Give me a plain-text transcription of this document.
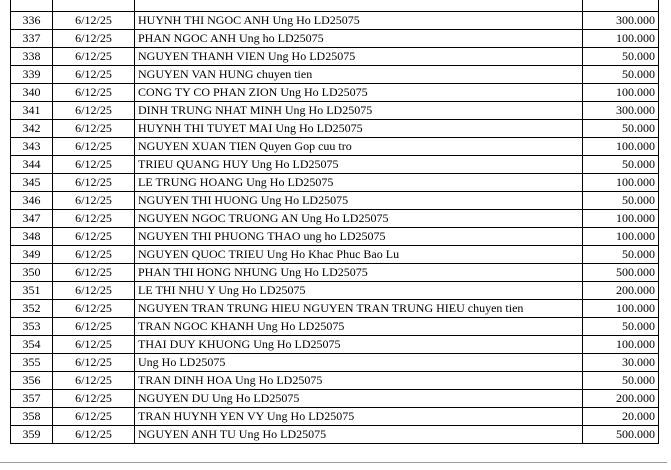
336	6/12/25	HUYNH THI NGOC ANH Ung Ho LD25075	300.000
337	6/12/25	PHAN NGOC ANH Ung ho LD25075	100.000
338	6/12/25	NGUYEN THANH VIEN Ung Ho LD25075	50.000
339	6/12/25	NGUYEN VAN HUNG chuyen tien	50.000
340	6/12/25	CONG TY CO PHAN ZION Ung Ho LD25075	100.000
341	6/12/25	DINH TRUNG NHAT MINH Ung Ho LD25075	300.000
342	6/12/25	HUYNH THI TUYET MAI Ung Ho LD25075	50.000
343	6/12/25	NGUYEN XUAN TIEN Quyen Gop cuu tro	100.000
344	6/12/25	TRIEU QUANG HUY Ung Ho LD25075	50.000
345	6/12/25	LE TRUNG HOANG Ung Ho LD25075	100.000
346	6/12/25	NGUYEN THI HUONG Ung Ho LD25075	50.000
347	6/12/25	NGUYEN NGOC TRUONG AN Ung Ho LD25075	100.000
348	6/12/25	NGUYEN THI PHUONG THAO ung ho LD25075	100.000
349	6/12/25	NGUYEN QUOC TRIEU Ung Ho Khac Phuc Bao Lu	50.000
350	6/12/25	PHAN THI HONG NHUNG Ung Ho LD25075	500.000
351	6/12/25	LE THI NHU Y Ung Ho LD25075	200.000
352	6/12/25	NGUYEN TRAN TRUNG HIEU NGUYEN TRAN TRUNG HIEU chuyen tien	100.000
353	6/12/25	TRAN NGOC KHANH Ung Ho LD25075	50.000
354	6/12/25	THAI DUY KHUONG Ung Ho LD25075	100.000
355	6/12/25	Ung Ho LD25075	30.000
356	6/12/25	TRAN DINH HOA Ung Ho LD25075	50.000
357	6/12/25	NGUYEN DU Ung Ho LD25075	200.000
358	6/12/25	TRAN HUYNH YEN VY Ung Ho LD25075	20.000
359	6/12/25	NGUYEN ANH TU Ung Ho LD25075	500.000
